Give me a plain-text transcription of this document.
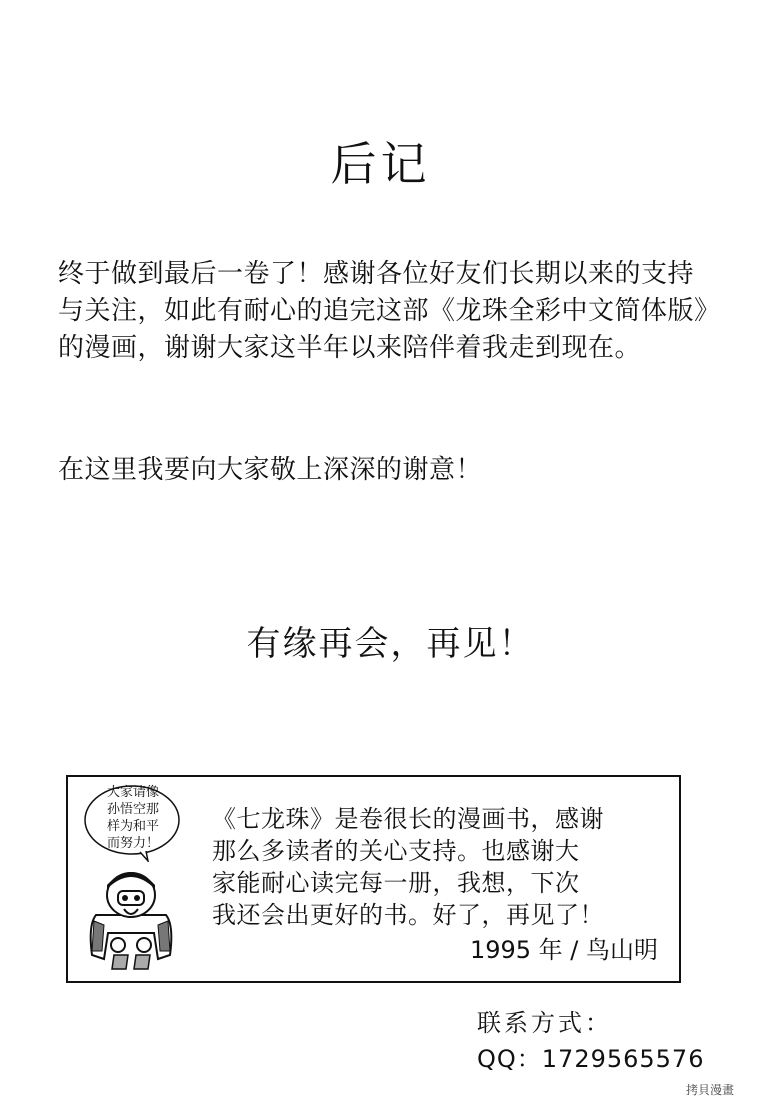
后记
终于做到最后一卷了！感谢各位好友们长期以来的支持与关注，如此有耐心的追完这部《龙珠全彩中文简体版》的漫画，谢谢大家这半年以来陪伴着我走到现在。
在这里我要向大家敬上深深的谢意！
有缘再会，再见！
大家请像
孙悟空那
样为和平
而努力！
《七龙珠》是卷很长的漫画书，感谢
那么多读者的关心支持。也感谢大
家能耐心读完每一册，我想，下次
我还会出更好的书。好了，再见了！
1995 年 / 鸟山明
联系方式：
QQ：1729565576
拷貝漫畫
